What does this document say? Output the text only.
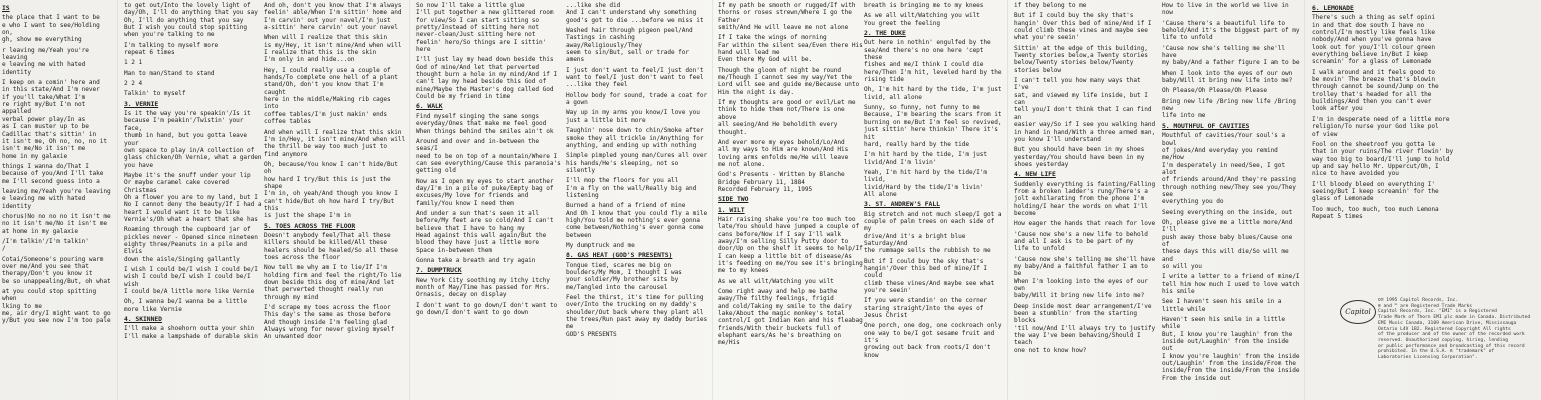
IS
the place that I want to be
e who I want to see/Holding on,
gh, show me everything
r leaving me/Yeah you're leaving
e leaving me with hated identity
I keep on a comin' here and
in this state/And I'm never
if you'll take/What I'm
re right my/But I'm not appalled
verbal power play/In as
as I can muster up to be
Cadillac that's sittin' in
it isn't me, Oh no, no, no it
isn't me/No it isn't me
home in my galaxie
things I wanna do/That I
because of you/And I'll take
me I'll second guess into a
leaving me/Yeah you're leaving
e leaving me with hated identity
chorus)No no no no it isn't me
no it isn't me/No it isn't me
at home in my galaxie
/I'm talkin'/I'm talkin'
/
Cotai/Someone's pouring warm
over me/And you see that
therapy/Don't you know it
be so unappealing/But, oh what
at you could stop spitting when
lking to me
me, air dry/I might want to go
y/But you see now I'm too pale
to get out/Into the lovely light of
day/Oh, I'll do anything that you say
Oh, I'll do anything that you say
But I wish you could stop spitting
when you're talking to me
I'm talking to myself more
repeat 6 times
1 2 1
Man to man/Stand to stand
2 2 4
Talkin' to myself
3. VERNIE
Is it the way you're speakin'/Is it
because I'm peakin'/Twistin' your face,
thumb in hand, but you gotta leave your
own space to play in/A collection of
glass chicken/Oh Vernie, what a garden
you have
Maybe it's the snuff under your lip
Or maybe caramel cake covered Christmas
Oh a flower you are to my land, but I
No I cannot deny the beauty/If I had a
heart I would want it to be like
Vernie's/Oh what a heart that she has
Roaming through the cupboard jar of
pickles never - Opened since nineteen
eighty three/Peanuts in a pile and Elvis
down the aisle/Singing gallantly
I wish I could be/I wish I could be/I
wish I could be/I wish I could be/I wish
I could be/A little more like Vernie
Oh, I wanna be/I wanna be a little
more like Vernie
4. SKINNED
I'll make a shoehorn outta your shin
I'll make a lampshade of durable skin
And oh, don't you know that I'm always
feelin' able/When I'm sittin' home and
I'm carvin' out your navel/I'm just
a-sittin' here carvin' out your navel
When will I realize that this skin
is my/Hey, it isn't mine/And when will
I realize that this is the skin
I'm only in and hide...on
Hey, I could really use a couple of
hands/To complete one hell of a plant
stand/Oh, don't you know that I'm caught
here in the middle/Making rib cages into
coffee tables/I'm just makin' ends
coffee tables
And when will I realize that this skin
I'm in/Hey, it isn't mine/And when will
the thrill be way too much just to
find anymore
Oh, because/You know I can't hide/But oh
how hard I try/But this is just the shape
I'm in, oh yeah/And though you know I
can't hide/But oh how hard I try/But this
is just the shape I'm in
5. TOES ACROSS THE FLOOR
Doesn't anybody feel/That all these
killers should be killed/All these
healers should be healed/So all these
toes across the floor
Now tell me why am I to lie/If I'm
holding firm and feel the right/To lie
down beside this dog of mine/And let
that perverted thought really run
through my mind
I'd scrape my toes across the floor
This day's the same as those before
And though inside I'm feeling glad
Always wrong for never giving myself
An unwanted door
So now I'll take a little glue
I'll put together a new glittered room
for view/So I can start sitting so
pretty/Instead of sitting here not
never-clean/Just sitting here not
feelin' hero/So things are I sittin' here
I'll just lay my head down beside this
God of mine/And let that perverted
thought burn a hole in my mind/And if I
can't lay my head beside this God of
mine/Maybe the Master's dog called God
Could be my friend in time
6. WALK
Find myself singing the same songs
everyday/Ones that make me feel good
When things behind the smiles ain't ok
Around and over and in-between the seas/I
need to be on top of a mountain/Where I
can see everything/Cause this paranoia's
getting old
Now as I open my eyes to start another
day/I'm in a pile of puke/Empty bag of
excuses/My love for friends and
family/You know I need them
And under a sun that's seen it all
before/My feet are so cold/And I can't
believe that I have to hang my
Head against this wall again/But the
blood they have just a little more
Space in-between them
Gonna take a breath and try again
7. DUMPTRUCK
New York City soothing my itchy itchy
month of May/Time has passed for Mrs.
Ornasis, decay on display
I don't want to go down/I don't want to
go down/I don't want to go down
...like she did
And I can't understand why something
good's got to die ...before we miss it
Washed hair through pigeon peel/And
Tastings in cashing away/Religiously/They
seem to sin/But, sell or trade for amens
I just don't want to feel/I just don't
want to feel/I just don't want to feel
...like they feel
Hollow body for sound, trade a coat for
a gown
Way up in my arms you know/I love you
just a little bit more
Taughin' nose down to chin/Smoke after
smoke they all trickle in/Anything for
anything, and ending up with nothing
Simple pimpled young man/Cures all over
his hands/He's sleeping, not so silently
I'll mop the floors for you all
I'm a fly on the wall/Really big and
listening
Burned a hand of a friend of mine
And Oh I know that you could fly a mile
high/You told me nothing's ever gonna
come between/Nothing's ever gonna come
between
My dumptruck and me
8. GAS HEAT (GOD'S PRESENTS)
Tongue tied, scares me big on
boulders/My Mom, I thought I was
your soldier/My brother sits by
me/Tangled into the carousel
Feel the thirst, it's time for pulling
over/Into the trucking on my daddy's
shoulder/Out back where they plant all
the trees/Run past away my daddy buries me
GOD'S PRESENTS
If my path be smooth or rugged/If with
thorns or roses strewn/Where I go the Father
smith/And He will leave me not alone
If I take the wings of morning
Far within the silent sea/Even there His
hand will lead me
Even there My God will be.
Though the gloom of night be round
me/Though I cannot see my way/Yet the
Lord will see and guide me/Because unto
Him the night is day.
If my thoughts are good or evil/Let me
think to hide them not/There is one above
all seeing/And He beholdith every thought.
And ever more my eyes behold/Lo/And
all my ways to Him are known/And His
loving arms enfolds me/He will leave
me not alone.
God's Presents - Written by Blanche
Bridge February 11, 1884
Recorded February 11, 1995
SIDE TWO
1. WILT
Hair raising shake you're too much too
late/You should have jumped a couple of
cans before/Now if I say I'll walk
away/I'm selling Silly Putty door to
door/Up on the shelf it seems to help/If
I can keep a little bit of disease/As
it's feeding on me/You see it's bringing
me to my knees
As we all wilt/Watching you wilt
Come right away and help me bathe
away/The filthy feelings, frigid
and cold/Taking my smile to the dairy
lake/About the magic monkey's total
control/I got Indian Ken and his fleabag
friends/With their buckets full of
elephant ears/As he's breathing on me/His
breath is bringing me to my knees
As we all wilt/Watching you wilt
You greet the feeling
2. THE DUKE
Out here in nothin' engulfed by the
sea/And there's no one here 'cept these
fishes and me/I think I could die
here/Then I'm hit, leveled hard by the
rising tide
Oh, I'm hit hard by the tide, I'm just
livid, all alone
Sunny, so funny, not funny to me
Because, I'm bearing the scars from it
burning on me/But I'm feel so revived,
just sittin' here thinkin' There it's hit
hard, really hard by the tide
I'm hit hard by the tide, I'm just
livid/And I'm livin'
Yeah, I'm hit hard by the tide/I'm livid,
livid/Hard by the tide/I'm livin'
All alone
3. ST. ANDREW'S FALL
Big stretch and not much sleep/I got a
couple of palm trees on each side of my
drive/And it's a bright blue Saturday/And
the rummage sells the rubbish to me
But if I could buy the sky that's
hangin'/Over this bed of mine/If I could
climb these vines/And maybe see what
you're seein'
If you were standin' on the corner
staring straight/Into the eyes of
Jesus Christ
One porch, one dog, one cockroach only
one way to be/I got sesame fruit and it's
growing out back from roots/I don't know
if they belong to me
But if I could buy the sky that's
hangin' Over this bed of mine/And if I
could climb these vines and maybe see
what you're seein'
Sittin' at the edge of this building,
Twenty stories below,a Twenty stories
below/Twenty stories below/Twenty
stories below
I can't tell you how many ways that I've
sat, and viewed my life inside, but I can
tell you/I don't think that I can find an
easier way/So if I see you walking hand
in hand in hand/With a three armed man,
you know I'll understand
But you should have been in my shoes
yesterday/You should have been in my
shoes yesterday
4. NEW LIFE
Suddenly everything is fainting/Falling
from a broken ladder's rung/There's a
jolt exhilarating from the phone I'm
holding/I hear the words on what I'll
become
How eager the hands that reach for love
'Cause now she's a new life to behold
and all I ask is to be part of my
life to unfold
'Cause now she's telling me she'll have
my baby/And a faithful father I am to be
When I'm looking into the eyes of our own
baby/Will it bring new life into me?
Deep inside most dear arrangement/I've
been a stumblin' from the starting blocks
'til now/And I'll always try to justify
the way I've been behaving/Should I teach
one not to know how?
How to live in the world we live in now
'Cause there's a beautiful life to
behold/And it's the biggest part of my
life to unfold
'Cause now she's telling me she'll have
my baby/And a father figure I am to be
When I look into the eyes of our own
baby/Will it bring new life into me?
Oh Please/Oh Please/Oh Please
Bring new life /Bring new life /Bring new
life into me
5. MOUTHFUL OF CAVITIES
Mouthful of cavities/Your soul's a bowl
of jokes/And everyday you remind me/How
I'm desperately in need/See, I got alot
of friends around/And they're passing
through nothing new/They see you/They see
everything you do
Seeing everything on the inside, out
Oh, please give me a little more/And I'll
push away those baby blues/Cause one of
these days this will die/So will me and
so will you
I write a letter to a friend of mine/I
tell him how much I used to love watch
his smile
See I haven't seen his smile in a
little while
Haven't seen his smile in a little while
But, I know you're laughin' from the
inside out/Laughin' from the inside out
I know you're laughin' from the inside
out/Laughin' from the inside/From the
inside/From the inside/From the inside
From the inside out
6. LEMONADE
There's such a thing as self opini
in and that doe south I have no
control/I'm mostly like feels like
nobody/And when you've gonna have
look out for you/I'll colour green
everything believe in/But I keep
screamin' for a glass of Lemonade
I walk around and it feels good to
be movin' The breeze that's blowin
through cannot be sound/Jump on the
trolley that's headed for all the
buildings/And then you can't ever
look after you
I'm in desperate need of a little more
religion/To nurse your God like pol
of view
Fool on the sheetroof you gotta le
that in your ruins/The river flowin' by
way too big to board/I'll jump to hold
up and say hello Mr. Uppercut/Oh, I
nice to have avoided you
I'll bloody bleed on everything I'
seeing/But I keep screamin' for the
glass of Lemonade
Too much, too much, too much Lemona
Repeat 5 times
Capitol
©℗ 1995 Capitol Records, Inc.
® and ™ are Registered Trade Marks
Capitol Records, Inc. "EMI" is a Registered
Trade Mark of Thorn EMI plc made in Canada. Distributed
EMI Music Canada, 3109 American Drive, Mississauga
Ontario L4V 1B2. Registered Copyright All rights
of the producer and of the owner of the recorded work
reserved. Unauthorized copying, hiring, lending
or public performance and broadcasting of this record
prohibited. In the U.S.A. ® "trademark" of
Laboratories Licensing Corporation".
